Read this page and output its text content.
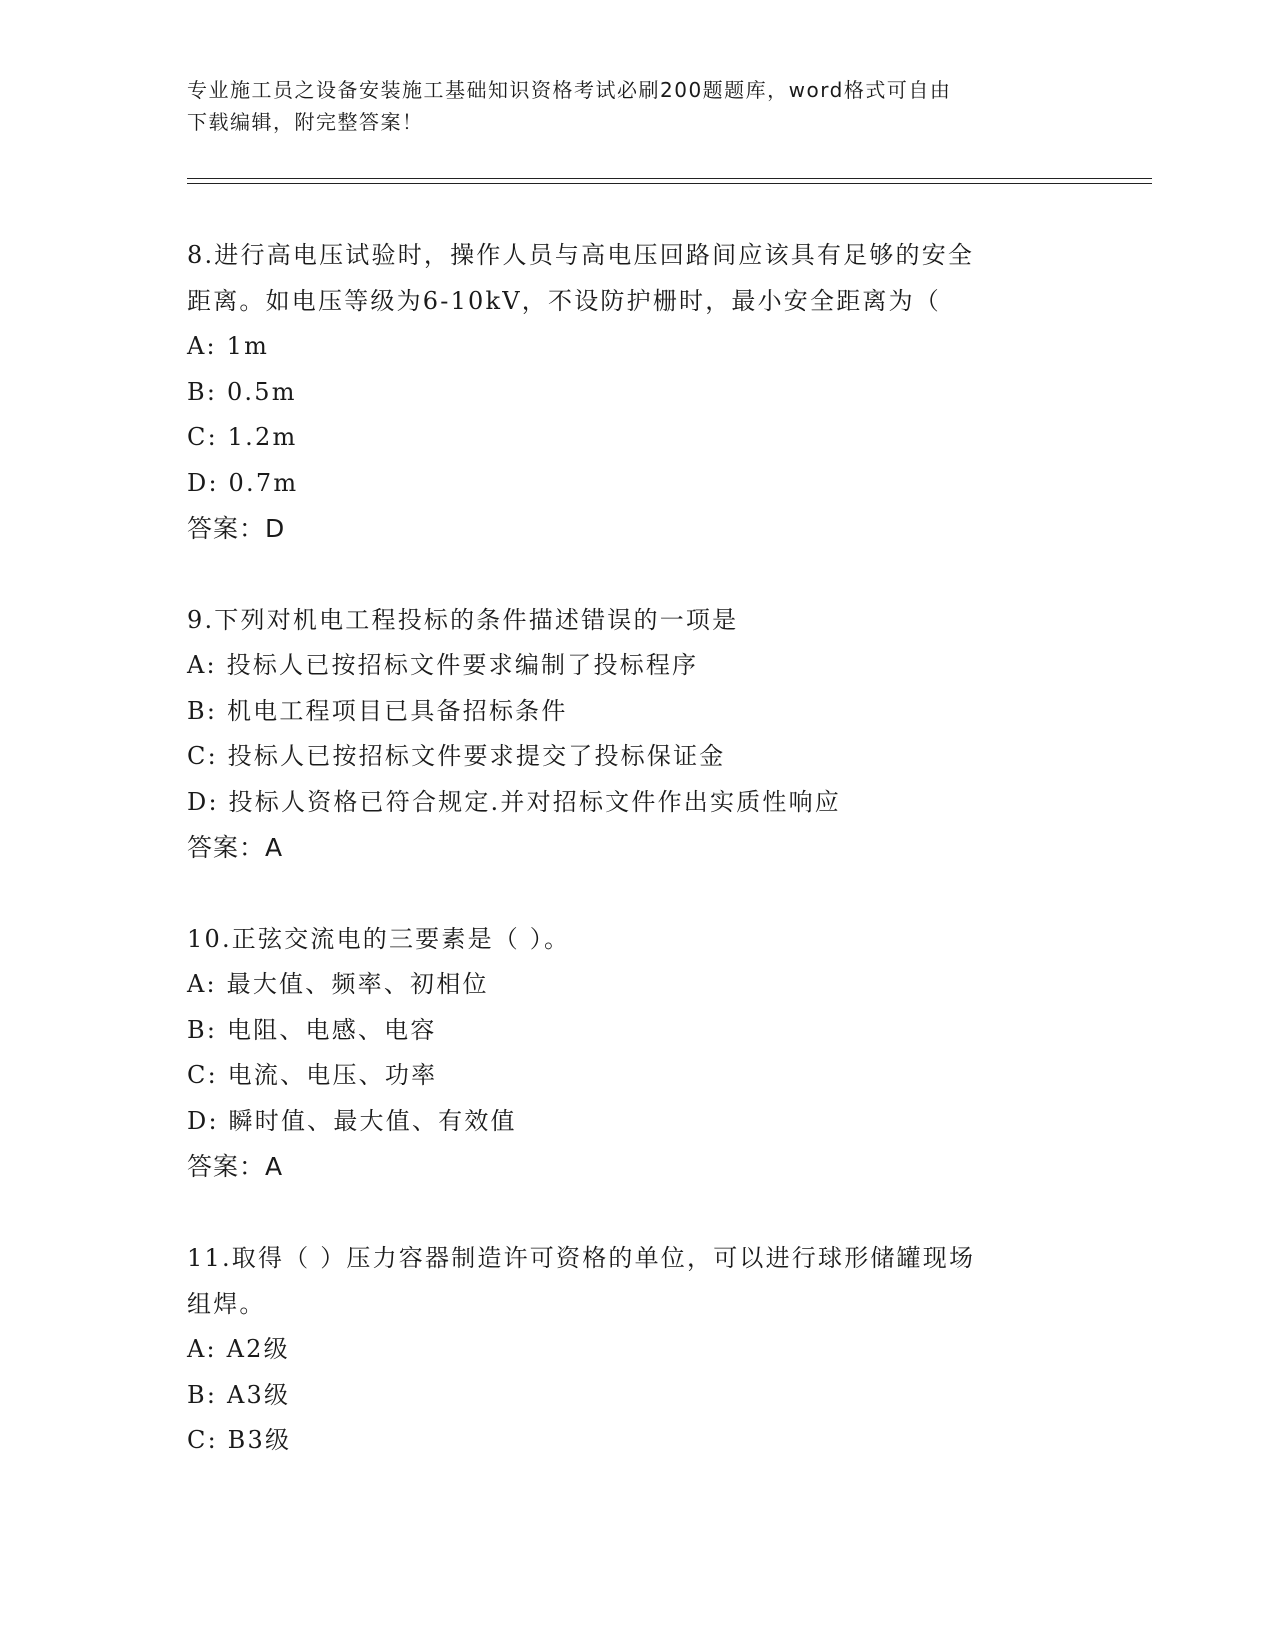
专业施工员之设备安装施工基础知识资格考试必刷200题题库，word格式可自由
下载编辑，附完整答案！
8.进行高电压试验时，操作人员与高电压回路间应该具有足够的安全
距离。如电压等级为6-10kV，不设防护栅时，最小安全距离为（
A: 1m
B: 0.5m
C: 1.2m
D: 0.7m
答案：D
9.下列对机电工程投标的条件描述错误的一项是
A: 投标人已按招标文件要求编制了投标程序
B: 机电工程项目已具备招标条件
C: 投标人已按招标文件要求提交了投标保证金
D: 投标人资格已符合规定.并对招标文件作出实质性响应
答案：A
10.正弦交流电的三要素是（ ）。
A: 最大值、频率、初相位
B: 电阻、电感、电容
C: 电流、电压、功率
D: 瞬时值、最大值、有效值
答案：A
11.取得（ ）压力容器制造许可资格的单位，可以进行球形储罐现场
组焊。
A: A2级
B: A3级
C: B3级
